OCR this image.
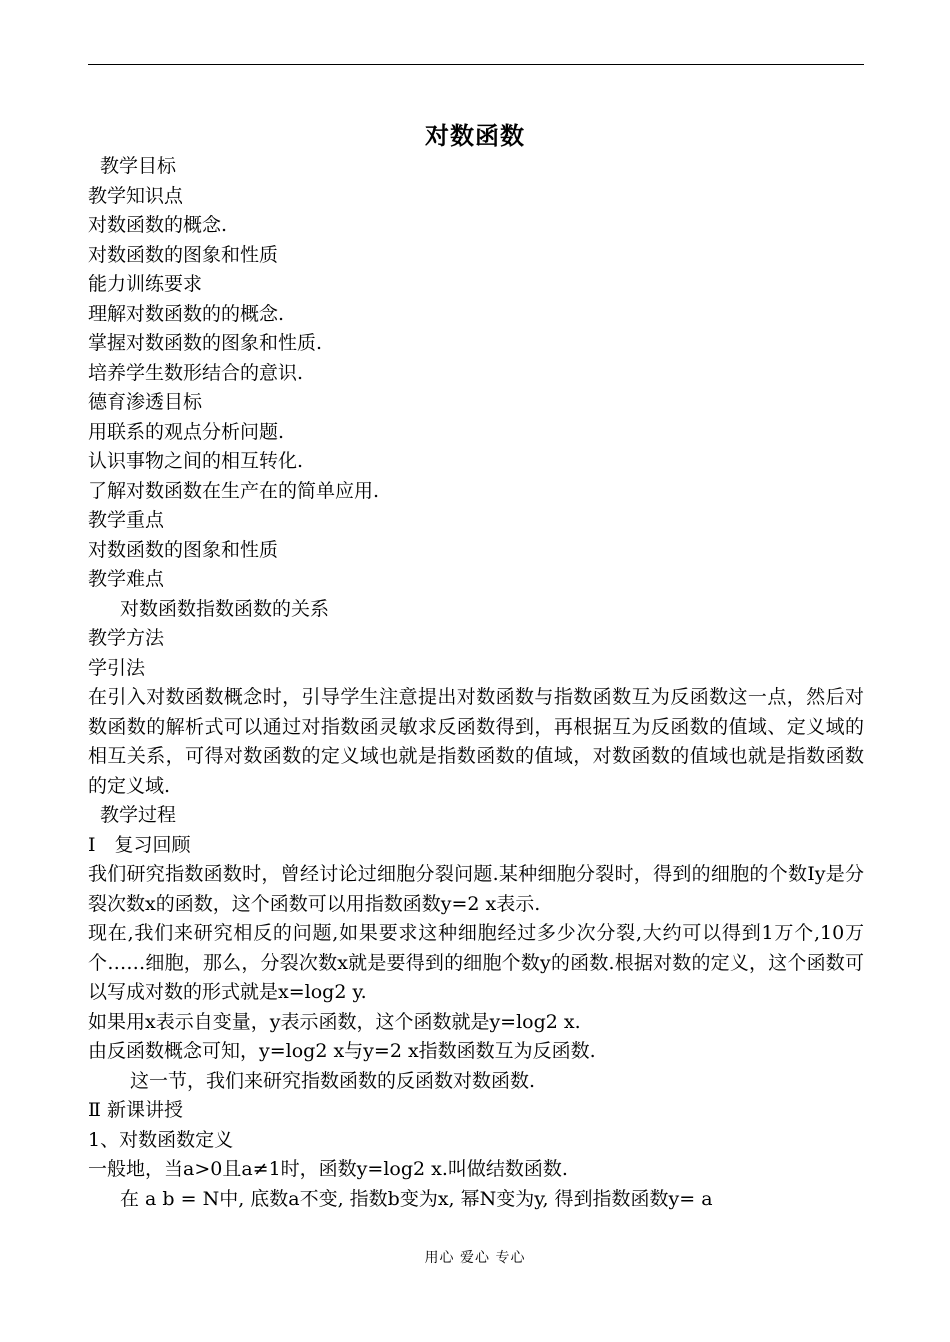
对数函数

教学目标

教学知识点

对数函数的概念.

对数函数的图象和性质

能力训练要求

理解对数函数的的概念.

掌握对数函数的图象和性质.

培养学生数形结合的意识.

德育渗透目标

用联系的观点分析问题.

认识事物之间的相互转化.

了解对数函数在生产在的简单应用.

教学重点

对数函数的图象和性质

教学难点

对数函数指数函数的关系

教学方法

学引法

在引入对数函数概念时，引导学生注意提出对数函数与指数函数互为反函数这一点，然后对数函数的解析式可以通过对指数函灵敏求反函数得到，再根据互为反函数的值域、定义域的相互关系，可得对数函数的定义域也就是指数函数的值域，对数函数的值域也就是指数函数的定义域.

教学过程

Ⅰ　复习回顾

我们研究指数函数时，曾经讨论过细胞分裂问题.某种细胞分裂时，得到的细胞的个数Iy是分裂次数x的函数，这个函数可以用指数函数y=2 x表示.

现在,我们来研究相反的问题,如果要求这种细胞经过多少次分裂,大约可以得到1万个,10万个……细胞，那么，分裂次数x就是要得到的细胞个数y的函数.根据对数的定义，这个函数可以写成对数的形式就是x=log2 y.

如果用x表示自变量，y表示函数，这个函数就是y=log2 x.

由反函数概念可知，y=log2 x与y=2 x指数函数互为反函数.

这一节，我们来研究指数函数的反函数对数函数.

Ⅱ 新课讲授

1、对数函数定义

一般地，当a>0且a≠1时，函数y=log2 x.叫做结数函数.

在 a b = N中, 底数a不变, 指数b变为x, 幂N变为y, 得到指数函数y= a

用心 爱心 专心
